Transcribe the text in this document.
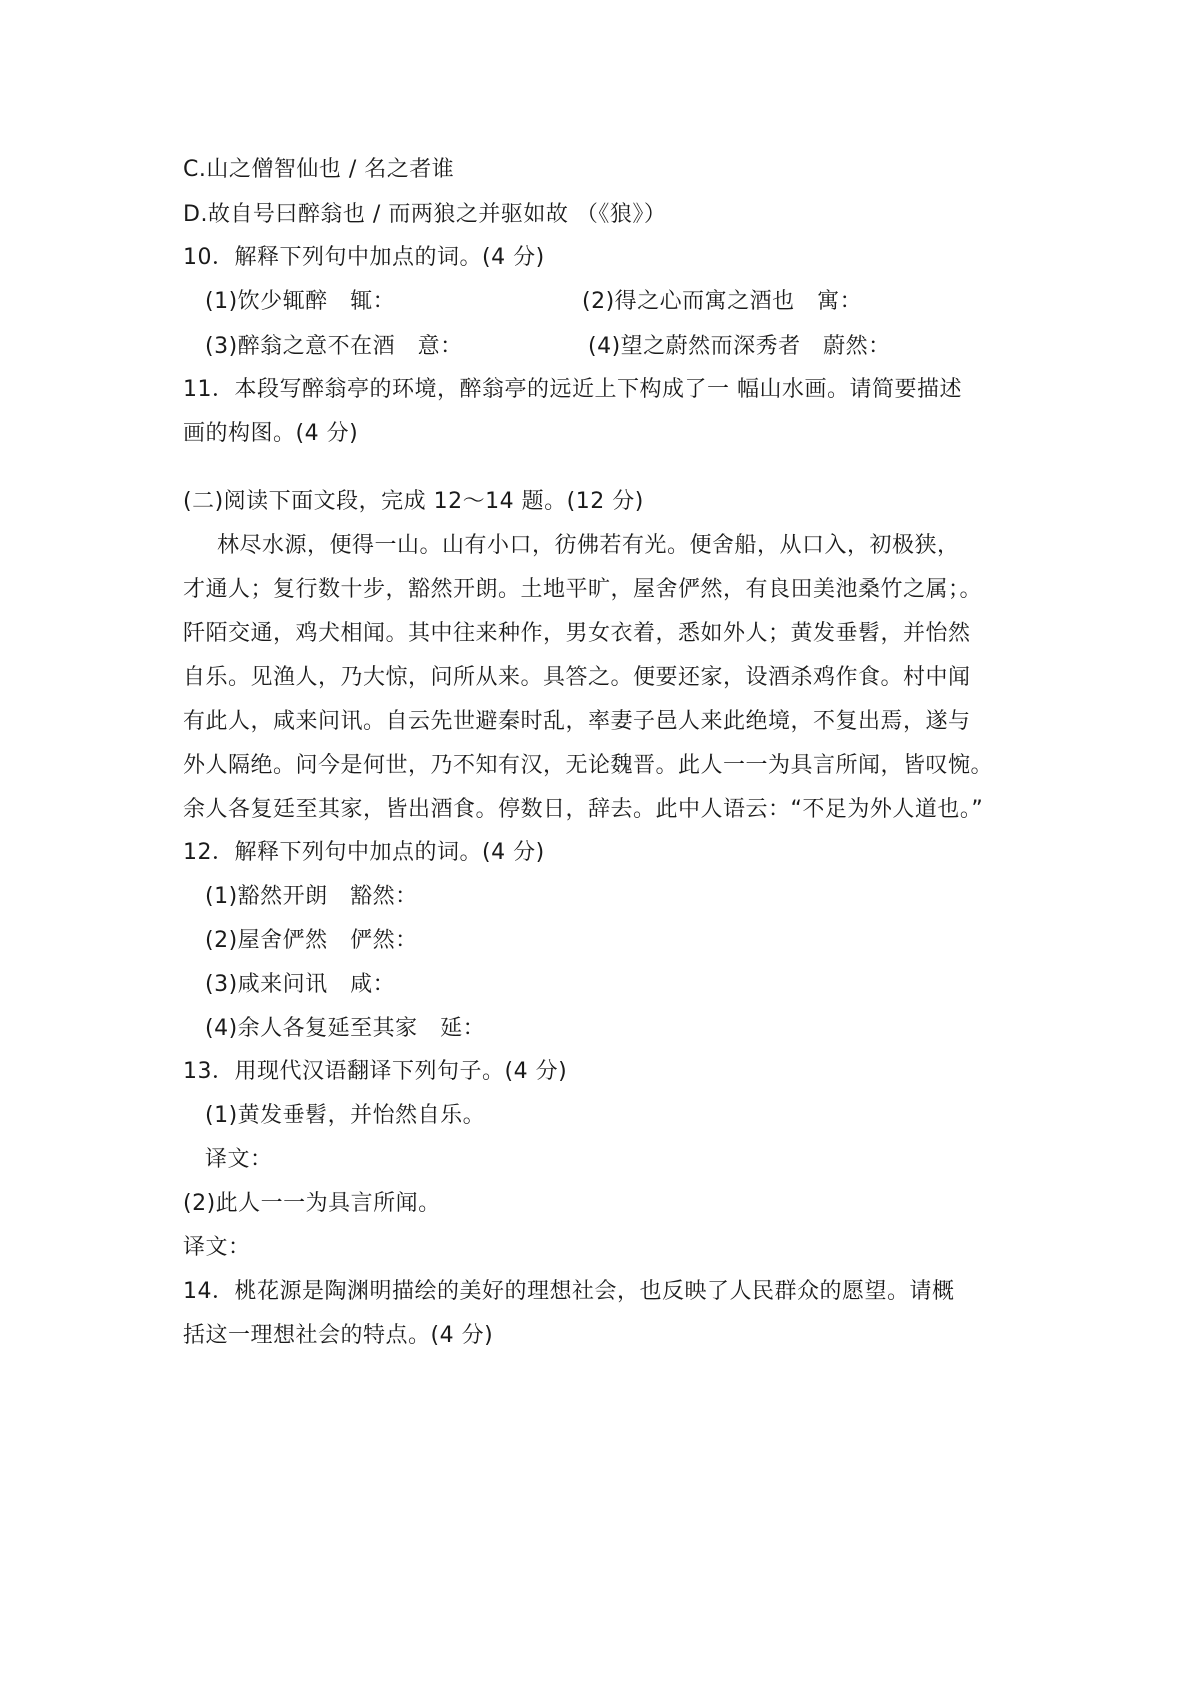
C.山之僧智仙也 / 名之者谁
D.故自号曰醉翁也 / 而两狼之并驱如故 （《狼》）
10．解释下列句中加点的词。(4 分)
(1)饮少辄醉　辄：	(2)得之心而寓之酒也　寓：
(3)醉翁之意不在酒　意：	(4)望之蔚然而深秀者　蔚然：
11．本段写醉翁亭的环境，醉翁亭的远近上下构成了一 幅山水画。请简要描述
画的构图。(4 分)
(二)阅读下面文段，完成 12～14 题。(12 分)
林尽水源，便得一山。山有小口，彷佛若有光。便舍船，从口入，初极狭，
才通人；复行数十步，豁然开朗。土地平旷，屋舍俨然，有良田美池桑竹之属；。
阡陌交通，鸡犬相闻。其中往来种作，男女衣着，悉如外人；黄发垂髫，并怡然
自乐。见渔人，乃大惊，问所从来。具答之。便要还家，设酒杀鸡作食。村中闻
有此人，咸来问讯。自云先世避秦时乱，率妻子邑人来此绝境，不复出焉，遂与
外人隔绝。问今是何世，乃不知有汉，无论魏晋。此人一一为具言所闻，皆叹惋。
余人各复廷至其家，皆出酒食。停数日，辞去。此中人语云：“不足为外人道也。”
12．解释下列句中加点的词。(4 分)
(1)豁然开朗　豁然：
(2)屋舍俨然　俨然：
(3)咸来问讯　咸：
(4)余人各复延至其家　延：
13．用现代汉语翻译下列句子。(4 分)
(1)黄发垂髫，并怡然自乐。
译文：
(2)此人一一为具言所闻。
译文：
14．桃花源是陶渊明描绘的美好的理想社会，也反映了人民群众的愿望。请概
括这一理想社会的特点。(4 分)
